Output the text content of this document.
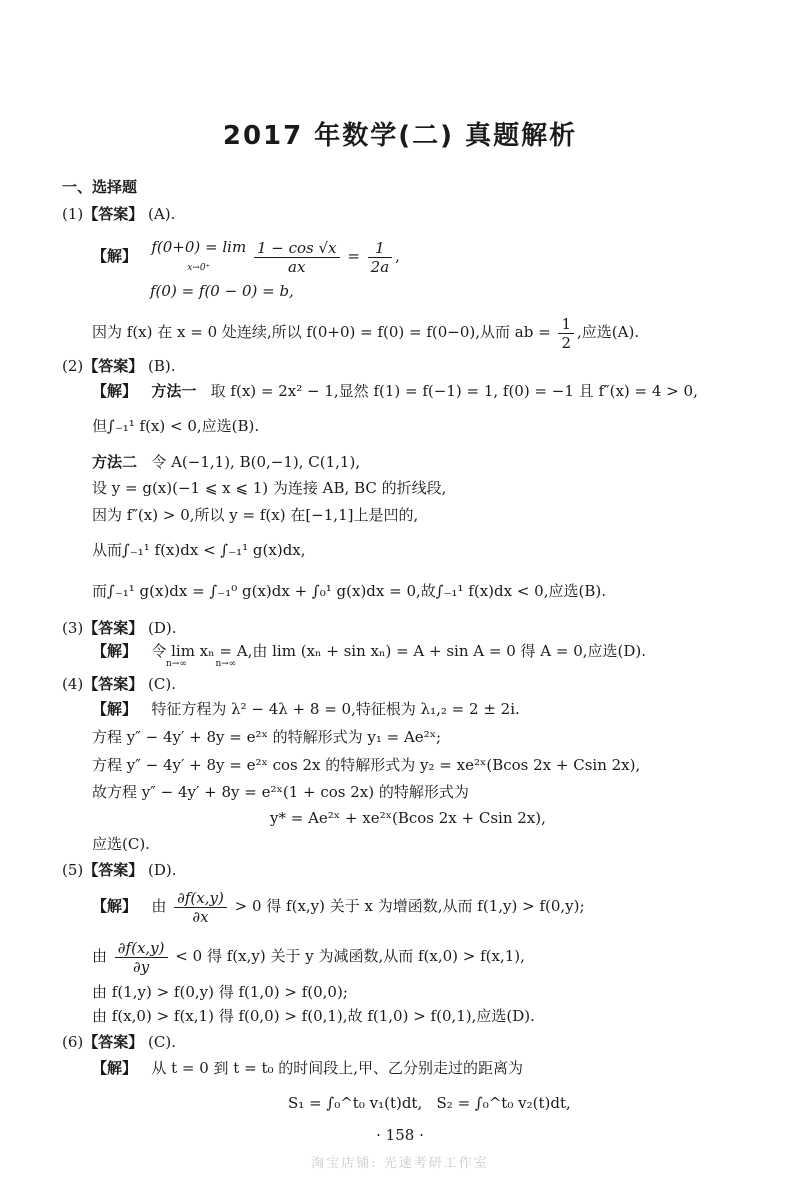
2017 年数学(二) 真题解析
一、选择题
(1)【答案】 (A).
【解】   f(0+0) = lim
x→0⁺	$\frac{1 - \cos √x}{ax} = \frac{1}{2a}$ ,
f(0) = f(0 − 0) = b,
因为 f(x) 在 x = 0 处连续,所以 f(0+0) = f(0) = f(0−0),从而 ab = $\frac{1}{2}$ ,应选(A).
(2)【答案】 (B).
【解】 方法一 取 f(x) = 2x² − 1,显然 f(1) = f(−1) = 1, f(0) = −1 且 f″(x) = 4 > 0,
但∫₋₁¹ f(x) < 0,应选(B).
方法二 令 A(−1,1), B(0,−1), C(1,1),
设 y = g(x)(−1 ⩽ x ⩽ 1) 为连接 AB, BC 的折线段,
因为 f″(x) > 0,所以 y = f(x) 在[−1,1]上是凹的,
从而∫₋₁¹ f(x)dx < ∫₋₁¹ g(x)dx,
而∫₋₁¹ g(x)dx = ∫₋₁⁰ g(x)dx + ∫₀¹ g(x)dx = 0,故∫₋₁¹ f(x)dx < 0,应选(B).
(3)【答案】 (D).
【解】 令 lim xₙ = A,由 lim (xₙ + sin xₙ) = A + sin A = 0 得 A = 0,应选(D).
n→∞          n→∞
(4)【答案】 (C).
【解】 特征方程为 λ² − 4λ + 8 = 0,特征根为 λ₁,₂ = 2 ± 2i.
方程 y″ − 4y′ + 8y = e²ˣ 的特解形式为 y₁ = Ae²ˣ;
方程 y″ − 4y′ + 8y = e²ˣ cos 2x 的特解形式为 y₂ = xe²ˣ(Bcos 2x + Csin 2x),
故方程 y″ − 4y′ + 8y = e²ˣ(1 + cos 2x) 的特解形式为
y* = Ae²ˣ + xe²ˣ(Bcos 2x + Csin 2x),
应选(C).
(5)【答案】 (D).
【解】 由 $\frac{\partial f(x,y)}{\partial x} > 0$ 得 f(x,y) 关于 x 为增函数,从而 f(1,y) > f(0,y);
由 $\frac{\partial f(x,y)}{\partial y} < 0$ 得 f(x,y) 关于 y 为减函数,从而 f(x,0) > f(x,1),
由 f(1,y) > f(0,y) 得 f(1,0) > f(0,0);
由 f(x,0) > f(x,1) 得 f(0,0) > f(0,1),故 f(1,0) > f(0,1),应选(D).
(6)【答案】 (C).
【解】 从 t = 0 到 t = t₀ 的时间段上,甲、乙分别走过的距离为
S₁ = ∫₀^t₀ v₁(t)dt,   S₂ = ∫₀^t₀ v₂(t)dt,
· 158 ·
淘宝店铺: 光速考研工作室
